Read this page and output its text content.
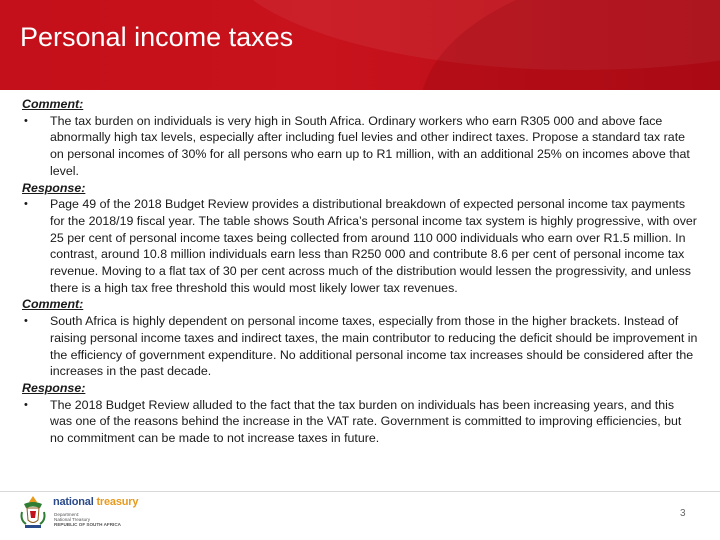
Personal income taxes

Comment:

• The tax burden on individuals is very high in South Africa. Ordinary workers who earn R305 000 and above face abnormally high tax levels, especially after including fuel levies and other indirect taxes. Propose a standard tax rate on personal incomes of 30% for all persons who earn up to R1 million, with an additional 25% on incomes above that level.

Response:

• Page 49 of the 2018 Budget Review provides a distributional breakdown of expected personal income tax payments for the 2018/19 fiscal year. The table shows South Africa’s personal income tax system is highly progressive, with over 25 per cent of personal income taxes being collected from around 110 000 individuals who earn over R1.5 million. In contrast, around 10.8 million individuals earn less than R250 000 and contribute 8.6 per cent of personal income tax revenue. Moving to a flat tax of 30 per cent across much of the distribution would lessen the progressivity, and unless there is a high tax free threshold this would most likely lower tax revenues.

Comment:

• South Africa is highly dependent on personal income taxes, especially from those in the higher brackets. Instead of raising personal income taxes and indirect taxes, the main contributor to reducing the deficit should be improvement in the efficiency of government expenditure. No additional personal income tax increases should be considered after the increases in the past decade.

Response:

• The 2018 Budget Review alluded to the fact that the tax burden on individuals has been increasing years, and this was one of the reasons behind the increase in the VAT rate. Government is committed to improving efficiencies, but no commitment can be made to not increase taxes in future.

national treasury
Department:
National Treasury
REPUBLIC OF SOUTH AFRICA
3
